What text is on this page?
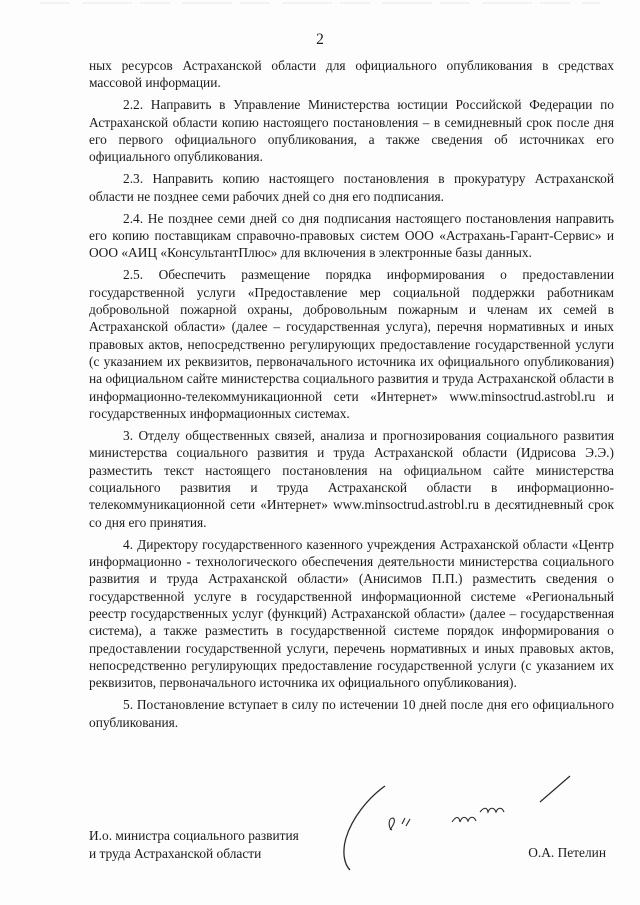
2

ных ресурсов Астраханской области для официального опубликования в средствах массовой информации.

2.2. Направить в Управление Министерства юстиции Российской Федерации по Астраханской области копию настоящего постановления – в семидневный срок после дня его первого официального опубликования, а также сведения об источниках его официального опубликования.

2.3. Направить копию настоящего постановления в прокуратуру Астраханской области не позднее семи рабочих дней со дня его подписания.

2.4. Не позднее семи дней со дня подписания настоящего постановления направить его копию поставщикам справочно-правовых систем ООО «Астрахань-Гарант-Сервис» и ООО «АИЦ «КонсультантПлюс» для включения в электронные базы данных.

2.5. Обеспечить размещение порядка информирования о предоставлении государственной услуги «Предоставление мер социальной поддержки работникам добровольной пожарной охраны, добровольным пожарным и членам их семей в Астраханской области» (далее – государственная услуга), перечня нормативных и иных правовых актов, непосредственно регулирующих предоставление государственной услуги (с указанием их реквизитов, первоначального источника их официального опубликования) на официальном сайте министерства социального развития и труда Астраханской области в информационно-телекоммуникационной сети «Интернет» www.minsoctrud.astrobl.ru и государственных информационных системах.

3. Отделу общественных связей, анализа и прогнозирования социального развития министерства социального развития и труда Астраханской области (Идрисова Э.Э.) разместить текст настоящего постановления на официальном сайте министерства социального развития и труда Астраханской области в информационно-телекоммуникационной сети «Интернет» www.minsoctrud.astrobl.ru в десятидневный срок со дня его принятия.

4. Директору государственного казенного учреждения Астраханской области «Центр информационно - технологического обеспечения деятельности министерства социального развития и труда Астраханской области» (Анисимов П.П.) разместить сведения о государственной услуге в государственной информационной системе «Региональный реестр государственных услуг (функций) Астраханской области» (далее – государственная система), а также разместить в государственной системе порядок информирования о предоставлении государственной услуги, перечень нормативных и иных правовых актов, непосредственно регулирующих предоставление государственной услуги (с указанием их реквизитов, первоначального источника их официального опубликования).

5. Постановление вступает в силу по истечении 10 дней после дня его официального опубликования.

И.о. министра социального развития
и труда Астраханской области	О.А. Петелин
